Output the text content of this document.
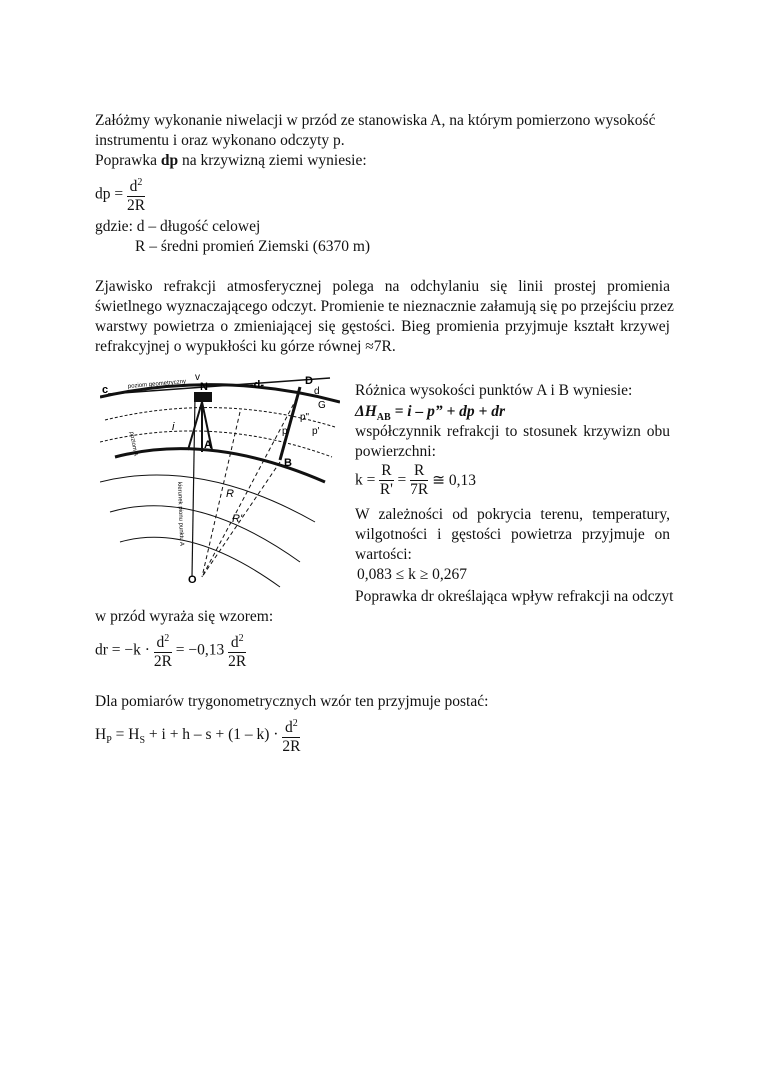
Załóżmy wykonanie niwelacji w przód ze stanowiska A, na którym pomierzono wysokość
instrumentu i oraz wykonano odczyty p.
Poprawka dp na krzywizną ziemi wyniesie:
dp = $\frac{d^2}{2R}$
gdzie: d – długość celowej
R – średni promień Ziemski (6370 m)
Zjawisko refrakcji atmosferycznej polega na odchylaniu się linii prostej promienia
świetlnego wyznaczającego odczyt. Promienie te nieznacznie załamują się po przejściu przez
warstwy powietrza o zmieniającej się gęstości. Bieg promienia przyjmuje kształt krzywej
refrakcyjnej o wypukłości ku górze równej ≈7R.
c
v
N	-d-	D
d
G
p"
p p'
i
A
B
R
R'
O
poziom geometryczny
kierunek pionu punktu A
poziom A
Różnica wysokości punktów A i B wyniesie:
$\Delta H_{AB} = i - p$” + dp + dr
współczynnik refrakcji to stosunek krzywizn obu
powierzchni:
$k = \frac{R}{R'} = \frac{R}{7R}$ ≅ 0,13
W zależności od pokrycia terenu, temperatury,
wilgotności i gęstości powietrza przyjmuje on
wartości:
0,083 ≤ k ≥ 0,267
Poprawka dr określająca wpływ refrakcji na odczyt
w przód wyraża się wzorem:
dr = $-k \cdot \frac{d^2}{2R} = -0,13 \frac{d^2}{2R}$
Dla pomiarów trygonometrycznych wzór ten przyjmuje postać:
$H_P = H_S + i + h - s + (1 - k) \cdot \frac{d^2}{2R}$
